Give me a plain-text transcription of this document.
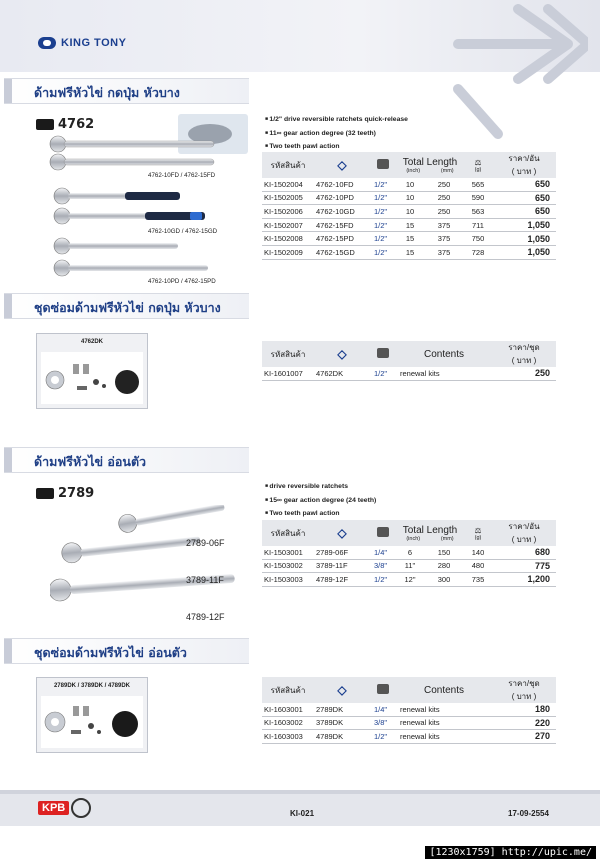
KING TONY
ด้ามฟรีหัวไข่ กดปุ่ม หัวบาง
4762
4762-10FD / 4762-15FD
4762-10GD / 4762-15GD
4762-10PD / 4762-15PD
■ 1/2" drive reversible ratchets quick-release
■ 11∞ gear action degree (32 teeth)
■ Two teeth pawl action
รหัสสินค้า	◇		Total Length
(inch) (mm)		⚖
(g)	ราคา/อัน
( บาท )
KI-1502004	4762-10FD	1/2"	10	250	565	650
KI-1502005	4762-10PD	1/2"	10	250	590	650
KI-1502006	4762-10GD	1/2"	10	250	563	650
KI-1502007	4762-15FD	1/2"	15	375	711	1,050
KI-1502008	4762-15PD	1/2"	15	375	750	1,050
KI-1502009	4762-15GD	1/2"	15	375	728	1,050
ชุดซ่อมด้ามฟรีหัวไข่ กดปุ่ม หัวบาง
4762DK
รหัสสินค้า	◇		Contents	ราคา/ชุด
( บาท )
KI-1601007	4762DK	1/2"	renewal kits	250
ด้ามฟรีหัวไข่ อ่อนตัว
2789
2789-06F
3789-11F
4789-12F
■ drive reversible ratchets
■ 15∞ gear action degree (24 teeth)
■ Two teeth pawl action
รหัสสินค้า	◇		Total Length
(inch) (mm)		⚖
(g)	ราคา/อัน
( บาท )
KI-1503001	2789-06F	1/4"	6	150	140	680
KI-1503002	3789-11F	3/8"	11"	280	480	775
KI-1503003	4789-12F	1/2"	12"	300	735	1,200
ชุดซ่อมด้ามฟรีหัวไข่ อ่อนตัว
2789DK / 3789DK / 4789DK	รหัสสินค้า	◇		Contents	ราคา/ชุด
( บาท )
KI-1603001	2789DK	1/4"	renewal kits	180
KI-1603002	3789DK	3/8"	renewal kits	220
KI-1603003	4789DK	1/2"	renewal kits	270
KPB	KI-021	17-09-2554
[1230x1759] http://upic.me/
